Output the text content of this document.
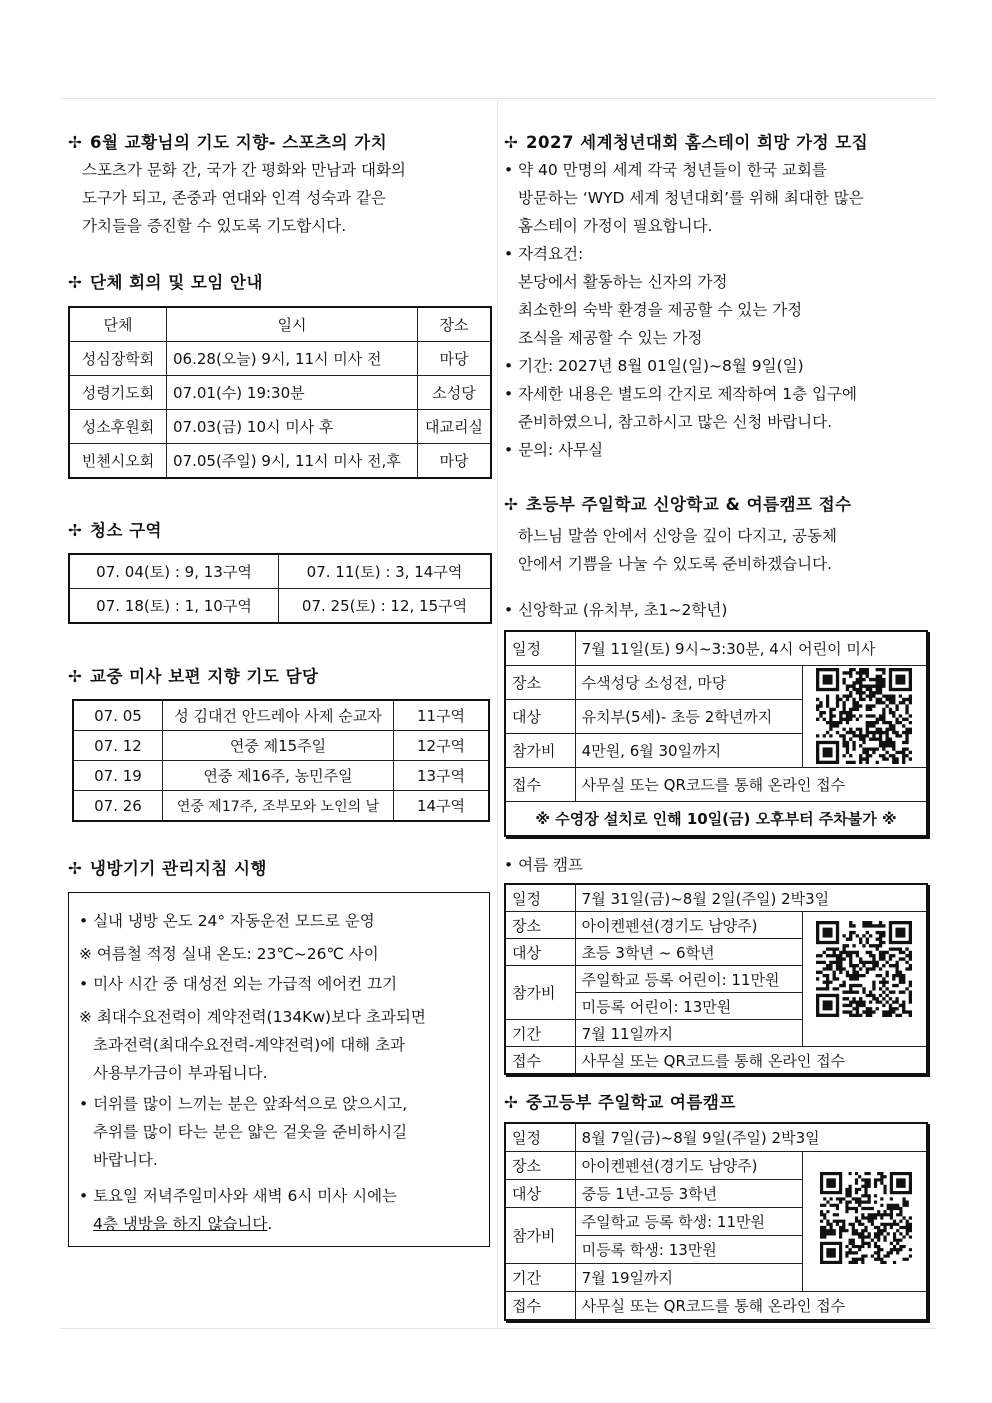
✢ 6월 교황님의 기도 지향- 스포츠의 가치
스포츠가 문화 간, 국가 간 평화와 만남과 대화의
도구가 되고, 존중과 연대와 인격 성숙과 같은
가치들을 증진할 수 있도록 기도합시다.
✢ 단체 회의 및 모임 안내
단체	일시	장소
성심장학회	06.28(오늘) 9시, 11시 미사 전	마당
성령기도회	07.01(수) 19:30분	소성당
성소후원회	07.03(금) 10시 미사 후	대교리실
빈첸시오회	07.05(주일) 9시, 11시 미사 전,후	마당
✢ 청소 구역
07. 04(토) : 9, 13구역	07. 11(토) : 3, 14구역
07. 18(토) : 1, 10구역	07. 25(토) : 12, 15구역
✢ 교중 미사 보편 지향 기도 담당
07. 05	성 김대건 안드레아 사제 순교자	11구역
07. 12	연중 제15주일	12구역
07. 19	연중 제16주, 농민주일	13구역
07. 26	연중 제17주, 조부모와 노인의 날	14구역
✢ 냉방기기 관리지침 시행
• 실내 냉방 온도 24° 자동운전 모드로 운영
※ 여름철 적정 실내 온도: 23℃~26℃ 사이
• 미사 시간 중 대성전 외는 가급적 에어컨 끄기
※ 최대수요전력이 계약전력(134Kw)보다 초과되면
초과전력(최대수요전력-계약전력)에 대해 초과
사용부가금이 부과됩니다.
• 더위를 많이 느끼는 분은 앞좌석으로 앉으시고,
추위를 많이 타는 분은 얇은 겉옷을 준비하시길
바랍니다.
• 토요일 저녁주일미사와 새벽 6시 미사 시에는
4층 냉방을 하지 않습니다.
✢ 2027 세계청년대회 홈스테이 희망 가정 모집
• 약 40 만명의 세계 각국 청년들이 한국 교회를
방문하는 ‘WYD 세계 청년대회’를 위해 최대한 많은
홈스테이 가정이 필요합니다.
• 자격요건:
본당에서 활동하는 신자의 가정
최소한의 숙박 환경을 제공할 수 있는 가정
조식을 제공할 수 있는 가정
• 기간: 2027년 8월 01일(일)~8월 9일(일)
• 자세한 내용은 별도의 간지로 제작하여 1층 입구에
준비하였으니, 참고하시고 많은 신청 바랍니다.
• 문의: 사무실
✢ 초등부 주일학교 신앙학교 & 여름캠프 접수
하느님 말씀 안에서 신앙을 깊이 다지고, 공동체
안에서 기쁨을 나눌 수 있도록 준비하겠습니다.
• 신앙학교 (유치부, 초1~2학년)
일정	7월 11일(토) 9시~3:30분, 4시 어린이 미사	
장소	수색성당 소성전, 마당	
대상	유치부(5세)- 초등 2학년까지	
참가비	4만원, 6월 30일까지	
접수	사무실 또는 QR코드를 통해 온라인 접수	
※ 수영장 설치로 인해 10일(금) 오후부터 주차불가 ※		
• 여름 캠프
일정	7월 31일(금)~8월 2일(주일) 2박3일	
장소	아이켄펜션(경기도 남양주)	
대상	초등 3학년 ~ 6학년	
참가비	주일학교 등록 어린이: 11만원	
	미등록 어린이: 13만원	
기간	7월 11일까지	
접수	사무실 또는 QR코드를 통해 온라인 접수	
✢ 중고등부 주일학교 여름캠프
일정	8월 7일(금)~8월 9일(주일) 2박3일	
장소	아이켄펜션(경기도 남양주)	
대상	중등 1년-고등 3학년	
참가비	주일학교 등록 학생: 11만원	
	미등록 학생: 13만원	
기간	7월 19일까지	
접수	사무실 또는 QR코드를 통해 온라인 접수	
